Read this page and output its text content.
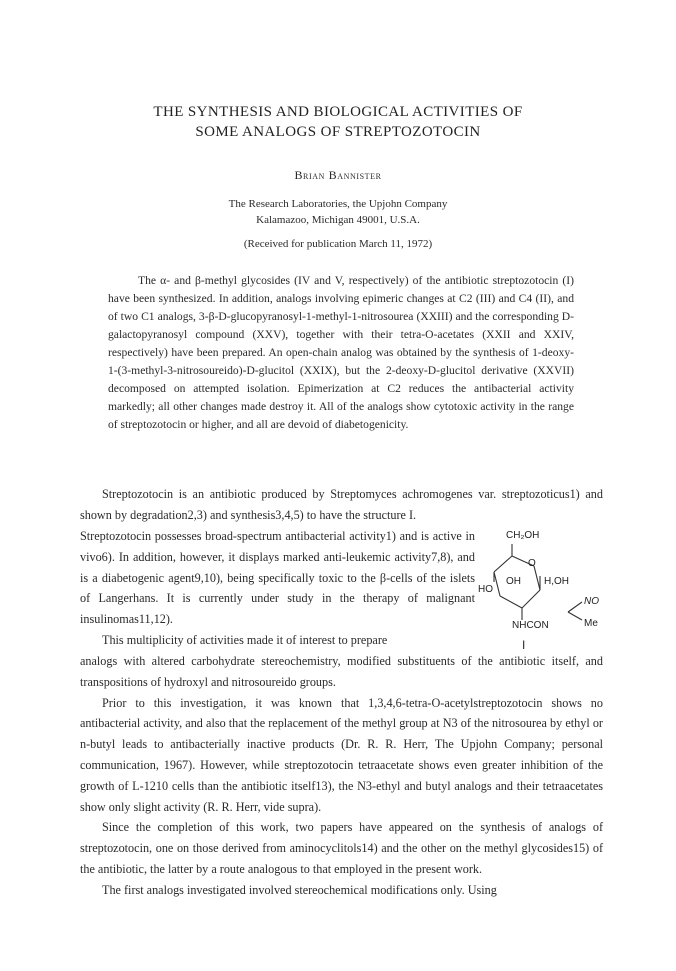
THE SYNTHESIS AND BIOLOGICAL ACTIVITIES OF
SOME ANALOGS OF STREPTOZOTOCIN
Brian Bannister
The Research Laboratories, the Upjohn Company
Kalamazoo, Michigan 49001, U.S.A.
(Received for publication March 11, 1972)
The α- and β-methyl glycosides (IV and V, respectively) of the antibiotic streptozotocin (I) have been synthesized. In addition, analogs involving epimeric changes at C2 (III) and C4 (II), and of two C1 analogs, 3-β-D-glucopyranosyl-1-methyl-1-nitrosourea (XXIII) and the corresponding D-galactopyranosyl compound (XXV), together with their tetra-O-acetates (XXII and XXIV, respectively) have been prepared. An open-chain analog was obtained by the synthesis of 1-deoxy-1-(3-methyl-3-nitrosoureido)-D-glucitol (XXIX), but the 2-deoxy-D-glucitol derivative (XXVII) decomposed on attempted isolation. Epimerization at C2 reduces the antibacterial activity markedly; all other changes made destroy it. All of the analogs show cytotoxic activity in the range of streptozotocin or higher, and all are devoid of diabetogenicity.

Streptozotocin is an antibiotic produced by Streptomyces achromogenes var. streptozoticus1) and shown by degradation2,3) and synthesis3,4,5) to have the structure I.

Streptozotocin possesses broad-spectrum antibacterial activity1) and is active in vivo6). In addition, however, it displays marked anti-leukemic activity7,8), and is a diabetogenic agent9,10), being specifically toxic to the β-cells of the islets of Langerhans. It is currently under study in the therapy of malignant insulinomas11,12).

This multiplicity of activities made it of interest to prepare

CH₂OH
O
HO
OH H,OH
NHCON
NO
Me
I

analogs with altered carbohydrate stereochemistry, modified substituents of the antibiotic itself, and transpositions of hydroxyl and nitrosoureido groups.

Prior to this investigation, it was known that 1,3,4,6-tetra-O-acetylstreptozotocin shows no antibacterial activity, and also that the replacement of the methyl group at N3 of the nitrosourea by ethyl or n-butyl leads to antibacterially inactive products (Dr. R. R. Herr, The Upjohn Company; personal communication, 1967). However, while streptozotocin tetraacetate shows even greater inhibition of the growth of L-1210 cells than the antibiotic itself13), the N3-ethyl and butyl analogs and their tetraacetates show only slight activity (R. R. Herr, vide supra).

Since the completion of this work, two papers have appeared on the synthesis of analogs of streptozotocin, one on those derived from aminocyclitols14) and the other on the methyl glycosides15) of the antibiotic, the latter by a route analogous to that employed in the present work.

The first analogs investigated involved stereochemical modifications only. Using
